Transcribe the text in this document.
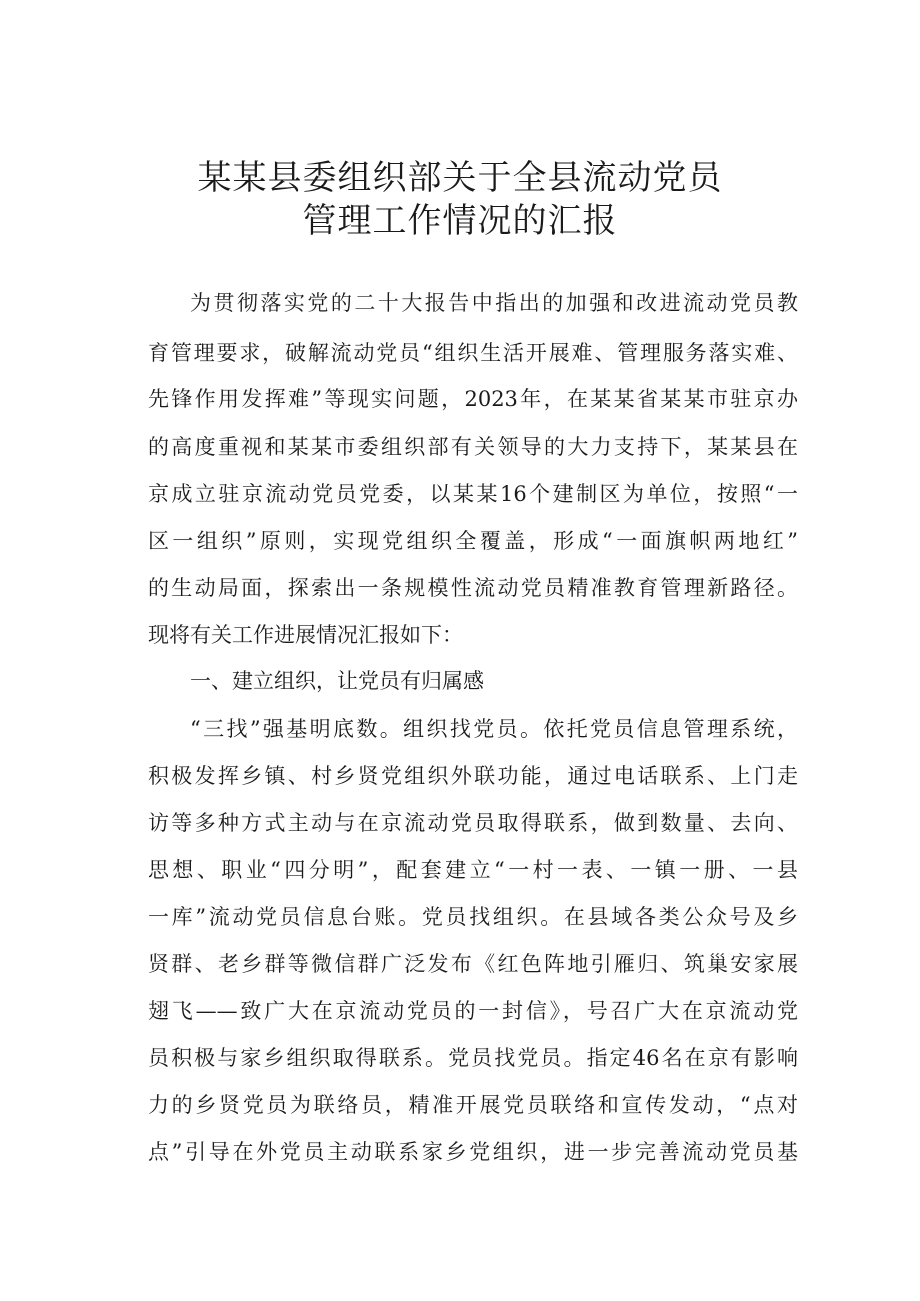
某某县委组织部关于全县流动党员
管理工作情况的汇报
为贯彻落实党的二十大报告中指出的加强和改进流动党员教
育管理要求，破解流动党员“组织生活开展难、管理服务落实难、
先锋作用发挥难”等现实问题，2023年，在某某省某某市驻京办
的高度重视和某某市委组织部有关领导的大力支持下，某某县在
京成立驻京流动党员党委，以某某16个建制区为单位，按照“一
区一组织”原则，实现党组织全覆盖，形成“一面旗帜两地红”
的生动局面，探索出一条规模性流动党员精准教育管理新路径。
现将有关工作进展情况汇报如下：
一、建立组织，让党员有归属感
“三找”强基明底数。组织找党员。依托党员信息管理系统，
积极发挥乡镇、村乡贤党组织外联功能，通过电话联系、上门走
访等多种方式主动与在京流动党员取得联系，做到数量、去向、
思想、职业“四分明”，配套建立“一村一表、一镇一册、一县
一库”流动党员信息台账。党员找组织。在县域各类公众号及乡
贤群、老乡群等微信群广泛发布《红色阵地引雁归、筑巢安家展
翅飞——致广大在京流动党员的一封信》，号召广大在京流动党
员积极与家乡组织取得联系。党员找党员。指定46名在京有影响
力的乡贤党员为联络员，精准开展党员联络和宣传发动，“点对
点”引导在外党员主动联系家乡党组织，进一步完善流动党员基
